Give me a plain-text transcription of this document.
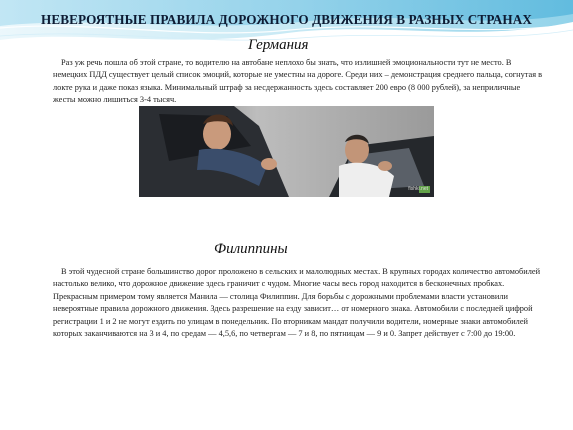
НЕВЕРОЯТНЫЕ ПРАВИЛА ДОРОЖНОГО ДВИЖЕНИЯ В РАЗНЫХ СТРАНАХ
Германия
Раз уж речь пошла об этой стране, то водителю на автобане неплохо бы знать, что излишней эмоциональности тут не место. В немецких ПДД существует целый список эмоций, которые не уместны на дороге. Среди них – демонстрация среднего пальца, согнутая в локте рука и даже показ языка. Минимальный штраф за несдержанность здесь составляет 200 евро (8 000 рублей), за неприличные жесты можно лишиться 3-4 тысяч.
fishki.net
Филиппины
В этой чудесной стране большинство дорог проложено в сельских и малолюдных местах. В крупных городах количество автомобилей настолько велико, что дорожное движение здесь граничит с чудом. Многие часы весь город находится в бесконечных пробках. Прекрасным примером тому является Манила — столица Филиппин. Для борьбы с дорожными проблемами власти установили невероятные правила дорожного движения. Здесь разрешение на езду зависит… от номерного знака. Автомобили с последней цифрой регистрации 1 и 2 не могут ездить по улицам в понедельник. По вторникам мандат получили водители, номерные знаки автомобилей которых заканчиваются на 3 и 4, по средам — 4,5,6, по четвергам — 7 и 8, по пятницам — 9 и 0. Запрет действует с 7:00 до 19:00.
